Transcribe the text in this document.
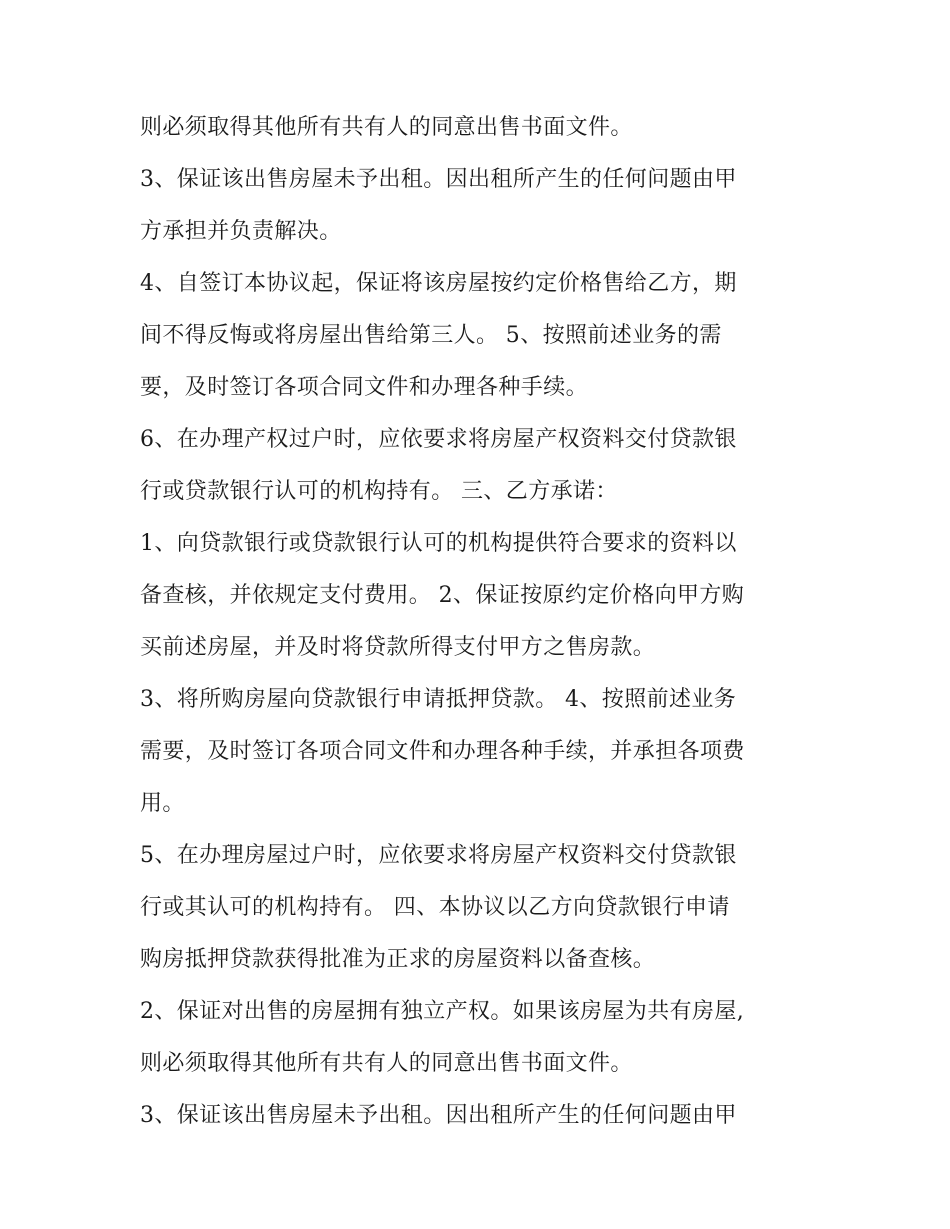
则必须取得其他所有共有人的同意出售书面文件。
3、保证该出售房屋未予出租。因出租所产生的任何问题由甲
方承担并负责解决。
4、自签订本协议起，保证将该房屋按约定价格售给乙方，期
间不得反悔或将房屋出售给第三人。 5、按照前述业务的需
要，及时签订各项合同文件和办理各种手续。
6、在办理产权过户时，应依要求将房屋产权资料交付贷款银
行或贷款银行认可的机构持有。 三、乙方承诺：
1、向贷款银行或贷款银行认可的机构提供符合要求的资料以
备查核，并依规定支付费用。 2、保证按原约定价格向甲方购
买前述房屋，并及时将贷款所得支付甲方之售房款。
3、将所购房屋向贷款银行申请抵押贷款。 4、按照前述业务
需要，及时签订各项合同文件和办理各种手续，并承担各项费
用。
5、在办理房屋过户时，应依要求将房屋产权资料交付贷款银
行或其认可的机构持有。 四、本协议以乙方向贷款银行申请
购房抵押贷款获得批准为正求的房屋资料以备查核。
2、保证对出售的房屋拥有独立产权。如果该房屋为共有房屋,
则必须取得其他所有共有人的同意出售书面文件。
3、保证该出售房屋未予出租。因出租所产生的任何问题由甲
